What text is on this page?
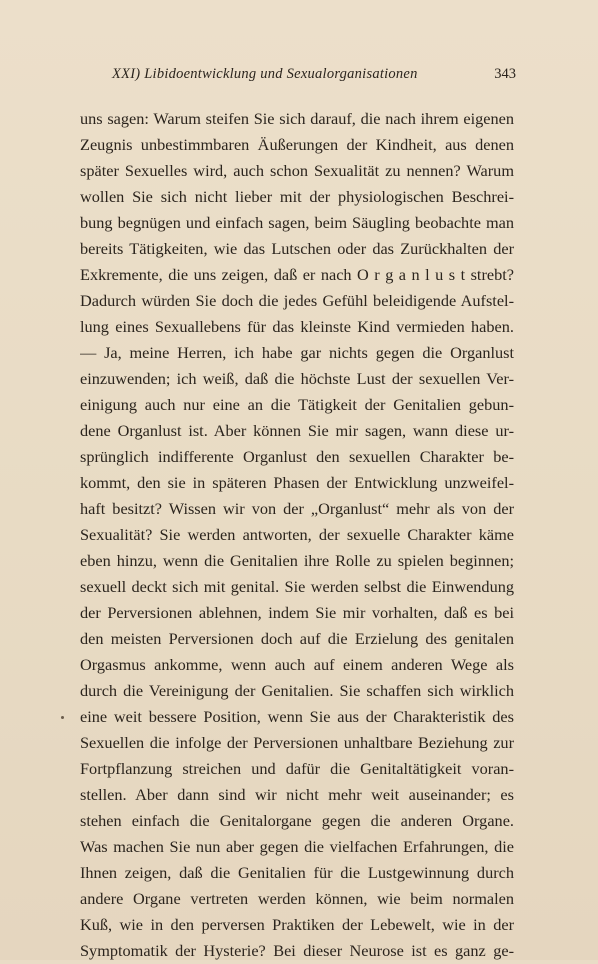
XXI) Libidoentwicklung und Sexualorganisationen	343
uns sagen: Warum steifen Sie sich darauf, die nach ihrem eigenen
Zeugnis unbestimmbaren Äußerungen der Kindheit, aus denen
später Sexuelles wird, auch schon Sexualität zu nennen? Warum
wollen Sie sich nicht lieber mit der physiologischen Beschrei-
bung begnügen und einfach sagen, beim Säugling beobachte man
bereits Tätigkeiten, wie das Lutschen oder das Zurückhalten der
Exkremente, die uns zeigen, daß er nach O r g a n l u s t strebt?
Dadurch würden Sie doch die jedes Gefühl beleidigende Aufstel-
lung eines Sexuallebens für das kleinste Kind vermieden haben.
— Ja, meine Herren, ich habe gar nichts gegen die Organlust
einzuwenden; ich weiß, daß die höchste Lust der sexuellen Ver-
einigung auch nur eine an die Tätigkeit der Genitalien gebun-
dene Organlust ist. Aber können Sie mir sagen, wann diese ur-
sprünglich indifferente Organlust den sexuellen Charakter be-
kommt, den sie in späteren Phasen der Entwicklung unzweifel-
haft besitzt? Wissen wir von der „Organlust“ mehr als von der
Sexualität? Sie werden antworten, der sexuelle Charakter käme
eben hinzu, wenn die Genitalien ihre Rolle zu spielen beginnen;
sexuell deckt sich mit genital. Sie werden selbst die Einwendung
der Perversionen ablehnen, indem Sie mir vorhalten, daß es bei
den meisten Perversionen doch auf die Erzielung des genitalen
Orgasmus ankomme, wenn auch auf einem anderen Wege als
durch die Vereinigung der Genitalien. Sie schaffen sich wirklich
eine weit bessere Position, wenn Sie aus der Charakteristik des
Sexuellen die infolge der Perversionen unhaltbare Beziehung zur
Fortpflanzung streichen und dafür die Genitaltätigkeit voran-
stellen. Aber dann sind wir nicht mehr weit auseinander; es
stehen einfach die Genitalorgane gegen die anderen Organe.
Was machen Sie nun aber gegen die vielfachen Erfahrungen, die
Ihnen zeigen, daß die Genitalien für die Lustgewinnung durch
andere Organe vertreten werden können, wie beim normalen
Kuß, wie in den perversen Praktiken der Lebewelt, wie in der
Symptomatik der Hysterie? Bei dieser Neurose ist es ganz ge-
